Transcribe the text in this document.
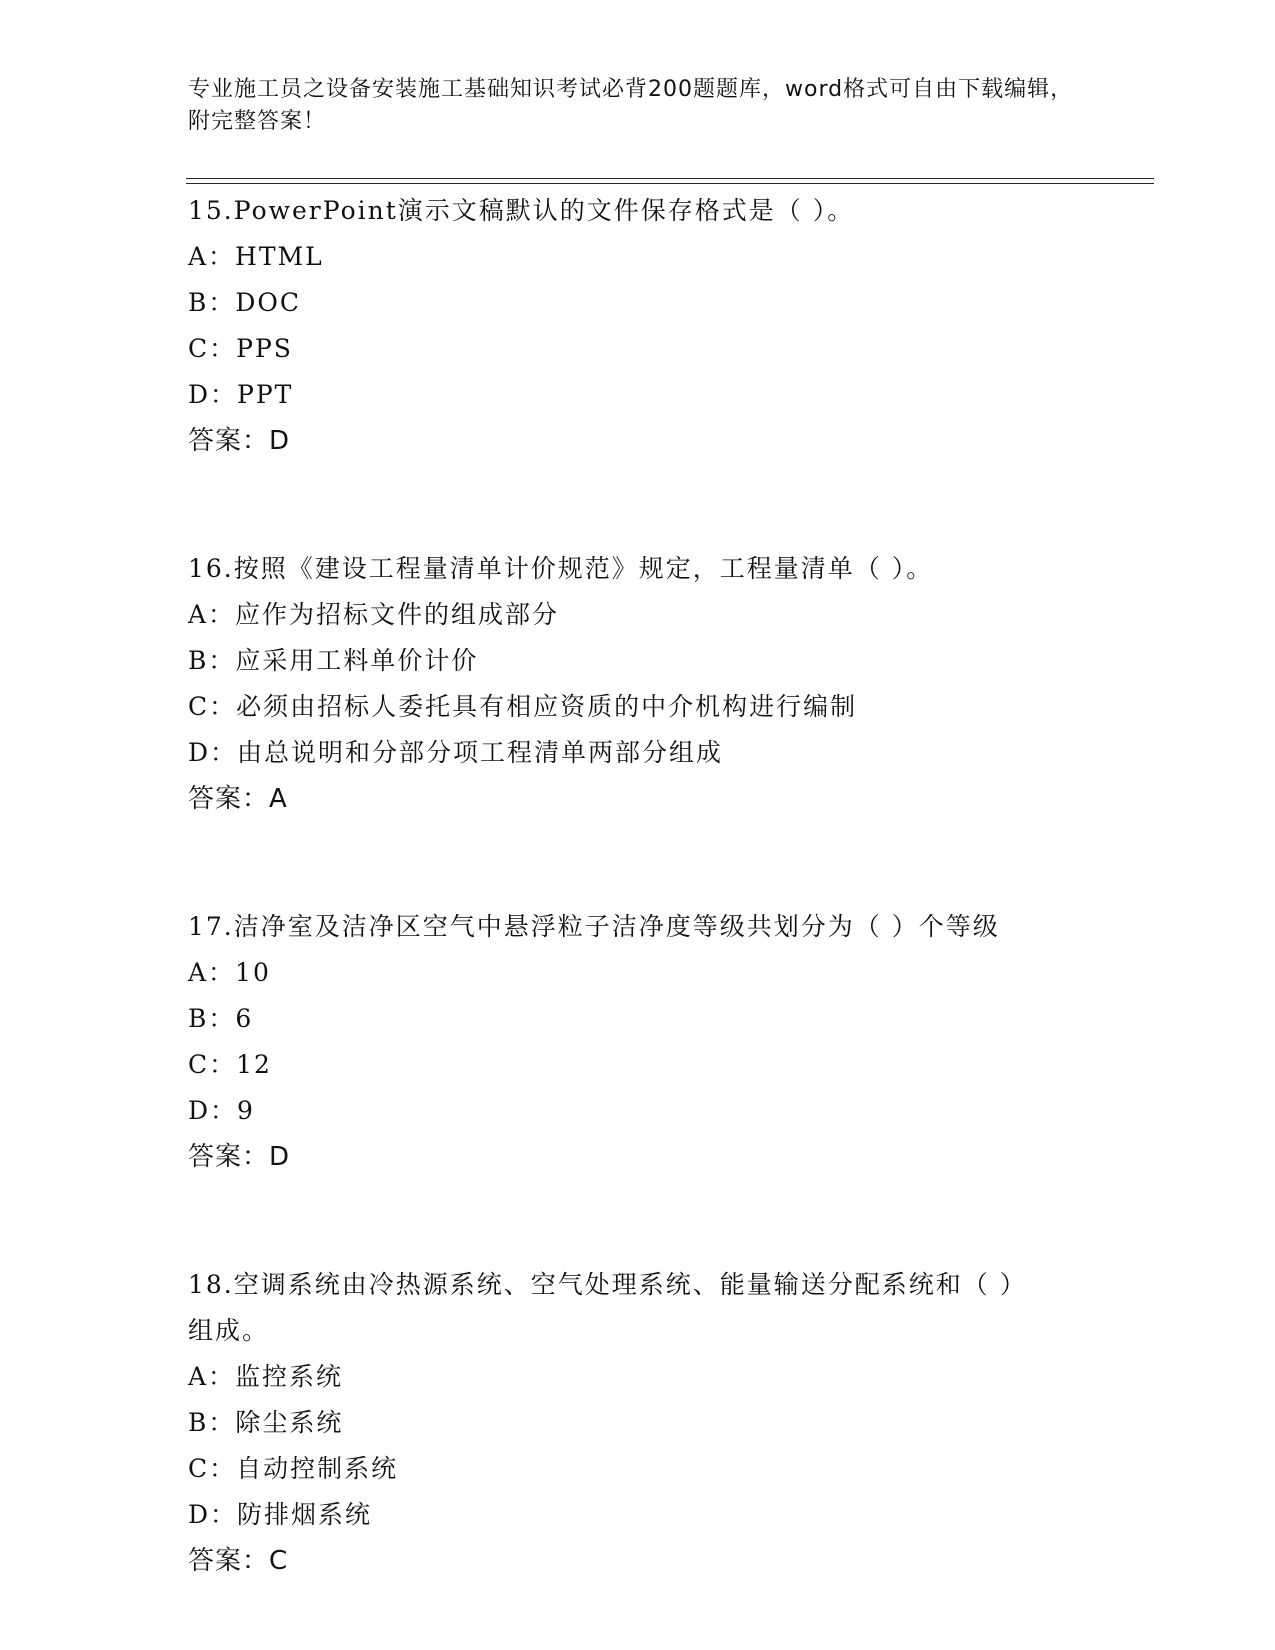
专业施工员之设备安装施工基础知识考试必背200题题库，word格式可自由下载编辑，附完整答案！
15.PowerPoint演示文稿默认的文件保存格式是（ ）。
A：HTML
B：DOC
C：PPS
D：PPT
答案：D
16.按照《建设工程量清单计价规范》规定，工程量清单（ ）。
A：应作为招标文件的组成部分
B：应采用工料单价计价
C：必须由招标人委托具有相应资质的中介机构进行编制
D：由总说明和分部分项工程清单两部分组成
答案：A
17.洁净室及洁净区空气中悬浮粒子洁净度等级共划分为（ ）个等级
A：10
B：6
C：12
D：9
答案：D
18.空调系统由冷热源系统、空气处理系统、能量输送分配系统和（ ）组成。
A：监控系统
B：除尘系统
C：自动控制系统
D：防排烟系统
答案：C
